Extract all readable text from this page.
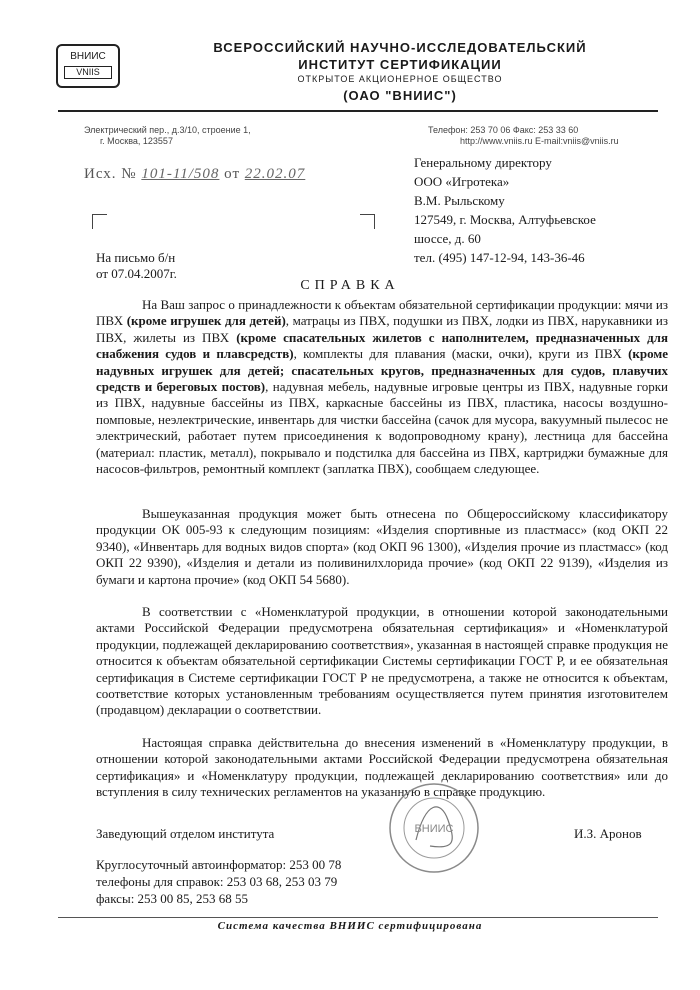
ВНИИС
VNIIS
ВСЕРОССИЙСКИЙ НАУЧНО-ИССЛЕДОВАТЕЛЬСКИЙ
ИНСТИТУТ СЕРТИФИКАЦИИ
ОТКРЫТОЕ АКЦИОНЕРНОЕ ОБЩЕСТВО
(ОАО "ВНИИС")
Электрический пер., д.3/10, строение 1,
г. Москва, 123557
Телефон: 253 70 06 Факс: 253 33 60
http://www.vniis.ru E-mail:vniis@vniis.ru
Исх. № 101-11/508 от 22.02.07
Генеральному директору
ООО «Игротека»
В.М. Рыльскому
127549, г. Москва, Алтуфьевское
шоссе, д. 60
тел. (495) 147-12-94, 143-36-46
На письмо б/н
от 07.04.2007г.
СПРАВКА

На Ваш запрос о принадлежности к объектам обязательной сертификации продукции: мячи из ПВХ (кроме игрушек для детей), матрацы из ПВХ, подушки из ПВХ, лодки из ПВХ, нарукавники из ПВХ, жилеты из ПВХ (кроме спасательных жилетов с наполнителем, предназначенных для снабжения судов и плавсредств), комплекты для плавания (маски, очки), круги из ПВХ (кроме надувных игрушек для детей; спасательных кругов, предназначенных для судов, плавучих средств и береговых постов), надувная мебель, надувные игровые центры из ПВХ, надувные горки из ПВХ, надувные бассейны из ПВХ, каркасные бассейны из ПВХ, пластика, насосы воздушно-помповые, неэлектрические, инвентарь для чистки бассейна (сачок для мусора, вакуумный пылесос не электрический, работает путем присоединения к водопроводному крану), лестница для бассейна (материал: пластик, металл), покрывало и подстилка для бассейна из ПВХ, картриджи бумажные для насосов-фильтров, ремонтный комплект (заплатка ПВХ), сообщаем следующее.

Вышеуказанная продукция может быть отнесена по Общероссийскому классификатору продукции ОК 005-93 к следующим позициям: «Изделия спортивные из пластмасс» (код ОКП 22 9340), «Инвентарь для водных видов спорта» (код ОКП 96 1300), «Изделия прочие из пластмасс» (код ОКП 22 9390), «Изделия и детали из поливинилхлорида прочие» (код ОКП 22 9139), «Изделия из бумаги и картона прочие» (код ОКП 54 5680).

В соответствии с «Номенклатурой продукции, в отношении которой законодательными актами Российской Федерации предусмотрена обязательная сертификация» и «Номенклатурой продукции, подлежащей декларированию соответствия», указанная в настоящей справке продукция не относится к объектам обязательной сертификации Системы сертификации ГОСТ Р, и ее обязательная сертификация в Системе сертификации ГОСТ Р не предусмотрена, а также не относится к объектам, соответствие которых установленным требованиям осуществляется путем принятия изготовителем (продавцом) декларации о соответствии.

Настоящая справка действительна до внесения изменений в «Номенклатуру продукции, в отношении которой законодательными актами Российской Федерации предусмотрена обязательная сертификация» и «Номенклатуру продукции, подлежащей декларированию соответствия» или до вступления в силу технических регламентов на указанную в справке продукцию.

Заведующий отделом института	ВНИИС	И.З. Аронов
Круглосуточный автоинформатор: 253 00 78
телефоны для справок: 253 03 68, 253 03 79
факсы: 253 00 85, 253 68 55
Система качества ВНИИС сертифицирована
